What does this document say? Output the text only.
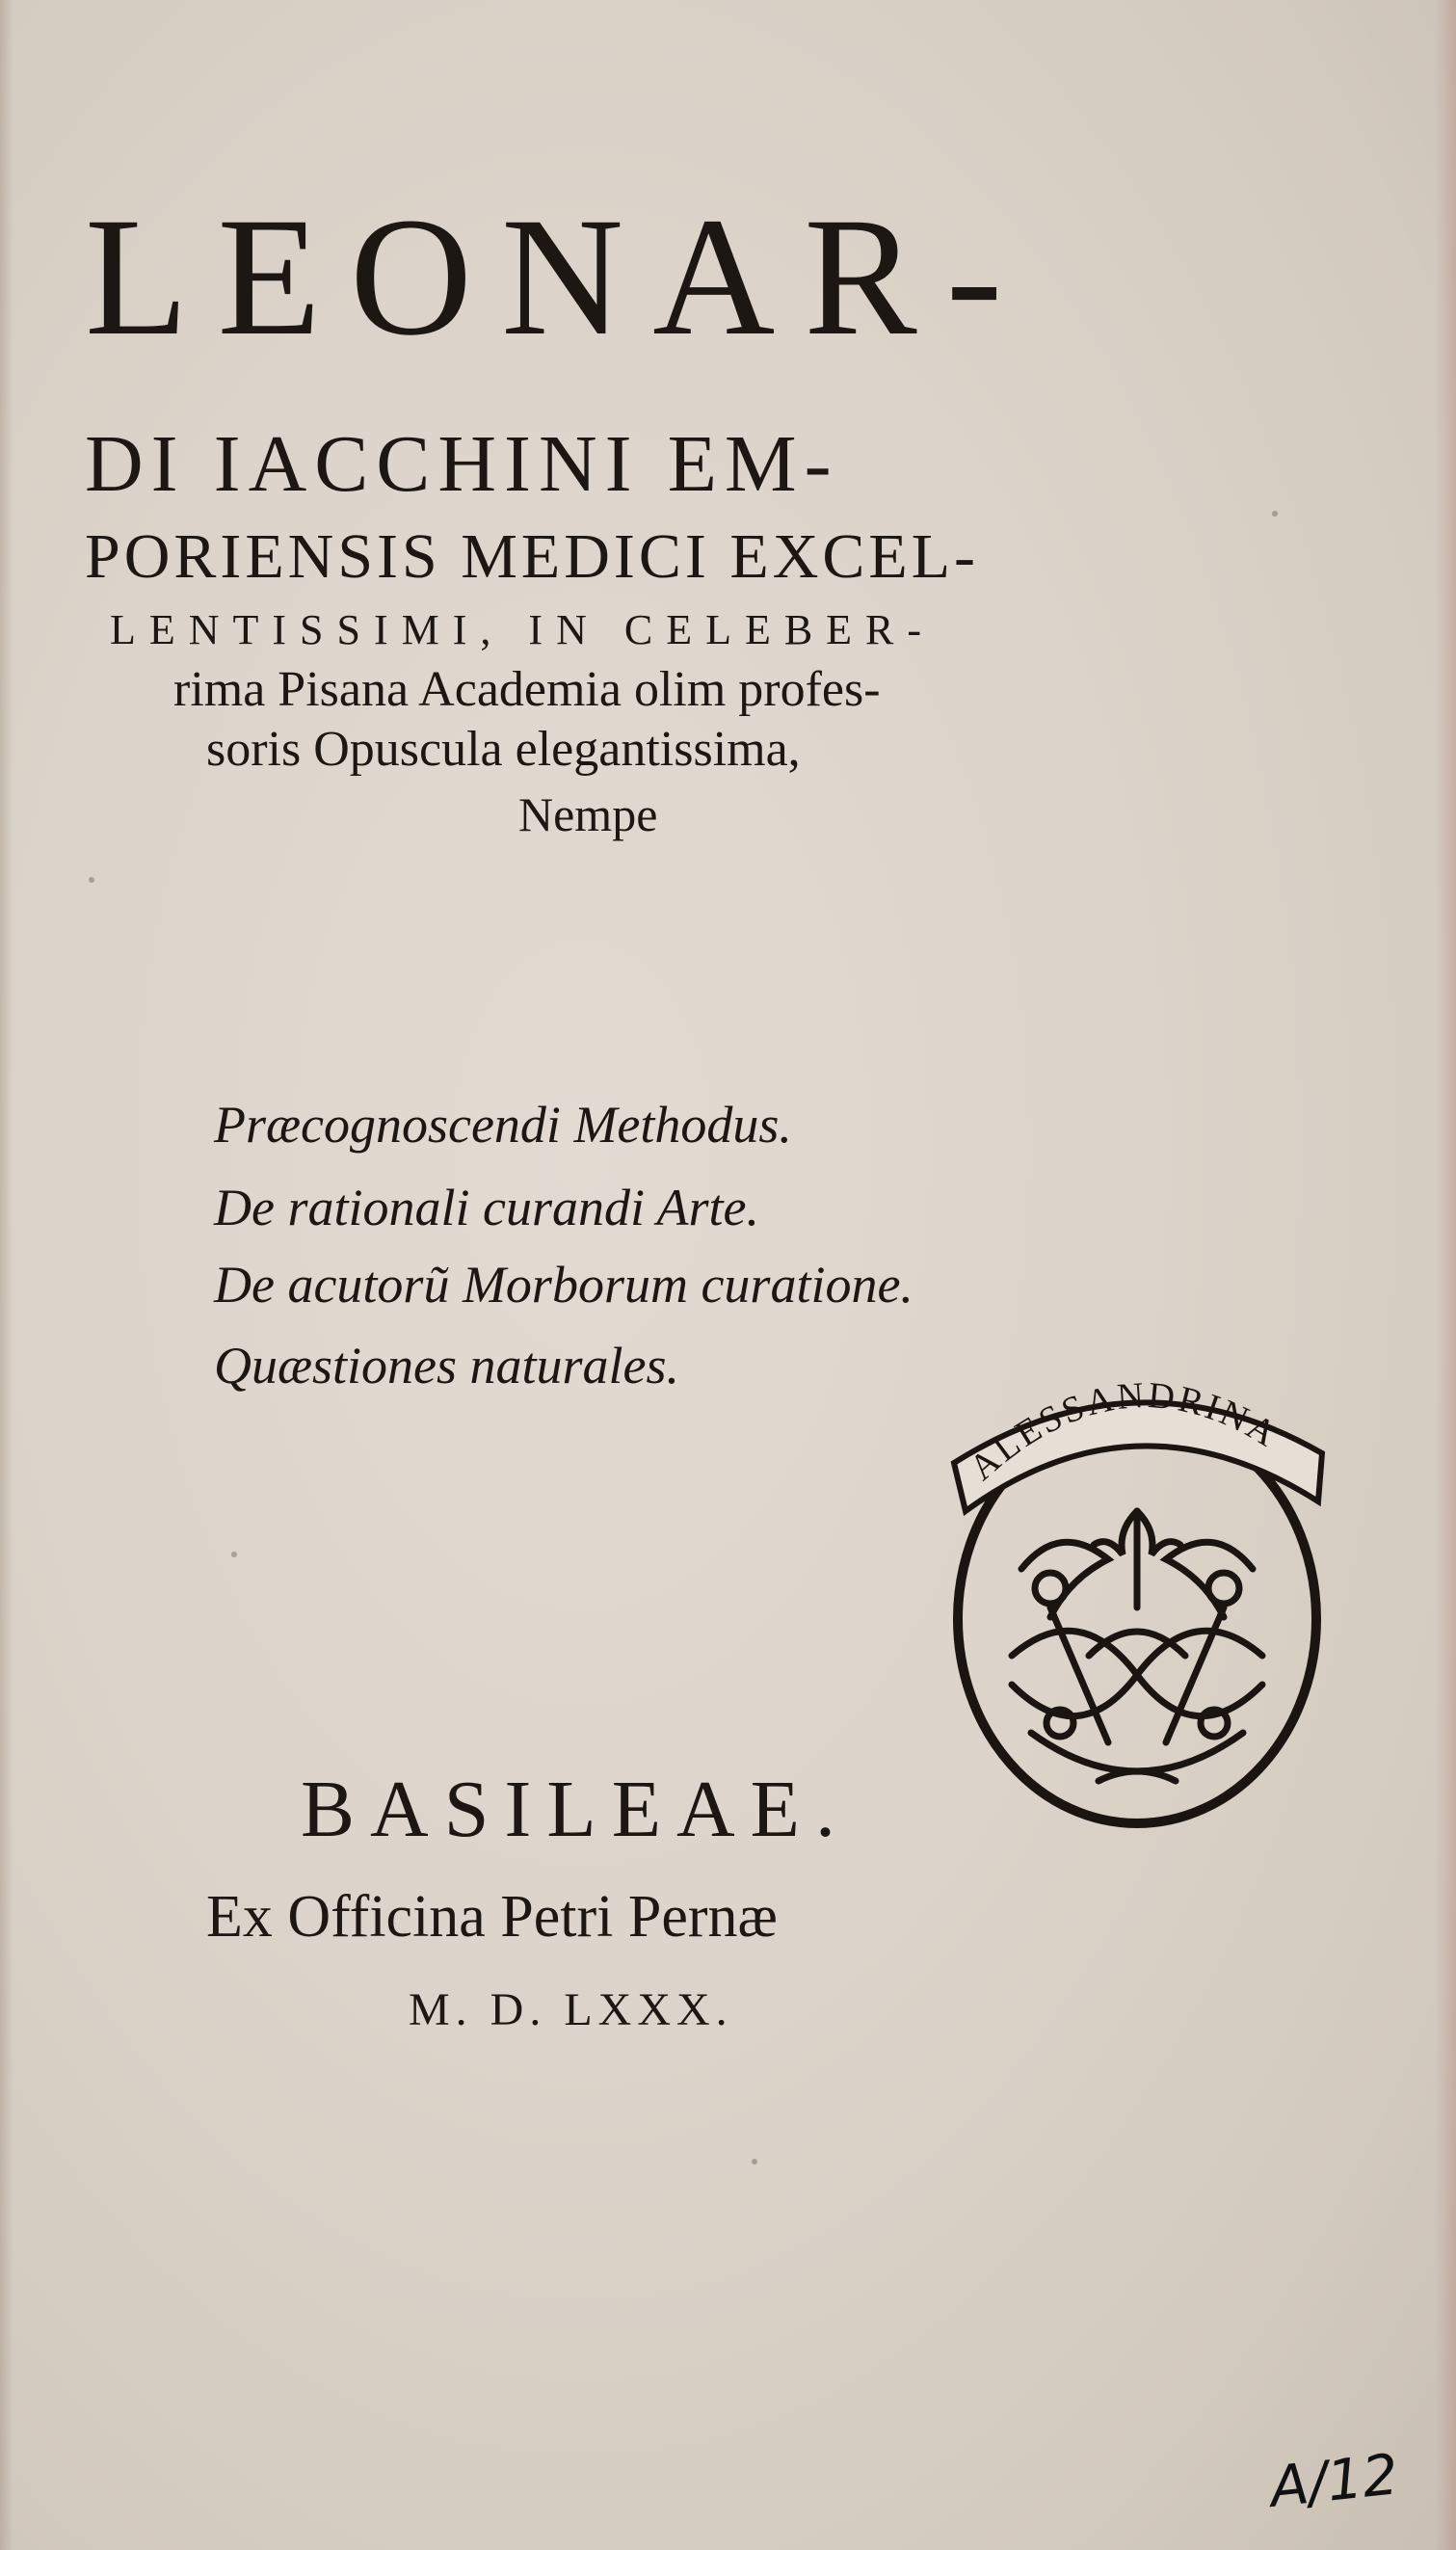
LEONAR-

DI IACCHINI EM-

PORIENSIS MEDICI EXCEL-

LENTISSIMI, IN CELEBER-

rima Pisana Academia olim profes-

soris Opuscula elegantissima,

Nempe

Præcognoscendi Methodus.

De rationali curandi Arte.

De acutorũ Morborum curatione.

Quæstiones naturales.

ALESSANDRINA

BASILEAE.

Ex Officina Petri Pernæ

M. D. LXXX.

A/12
